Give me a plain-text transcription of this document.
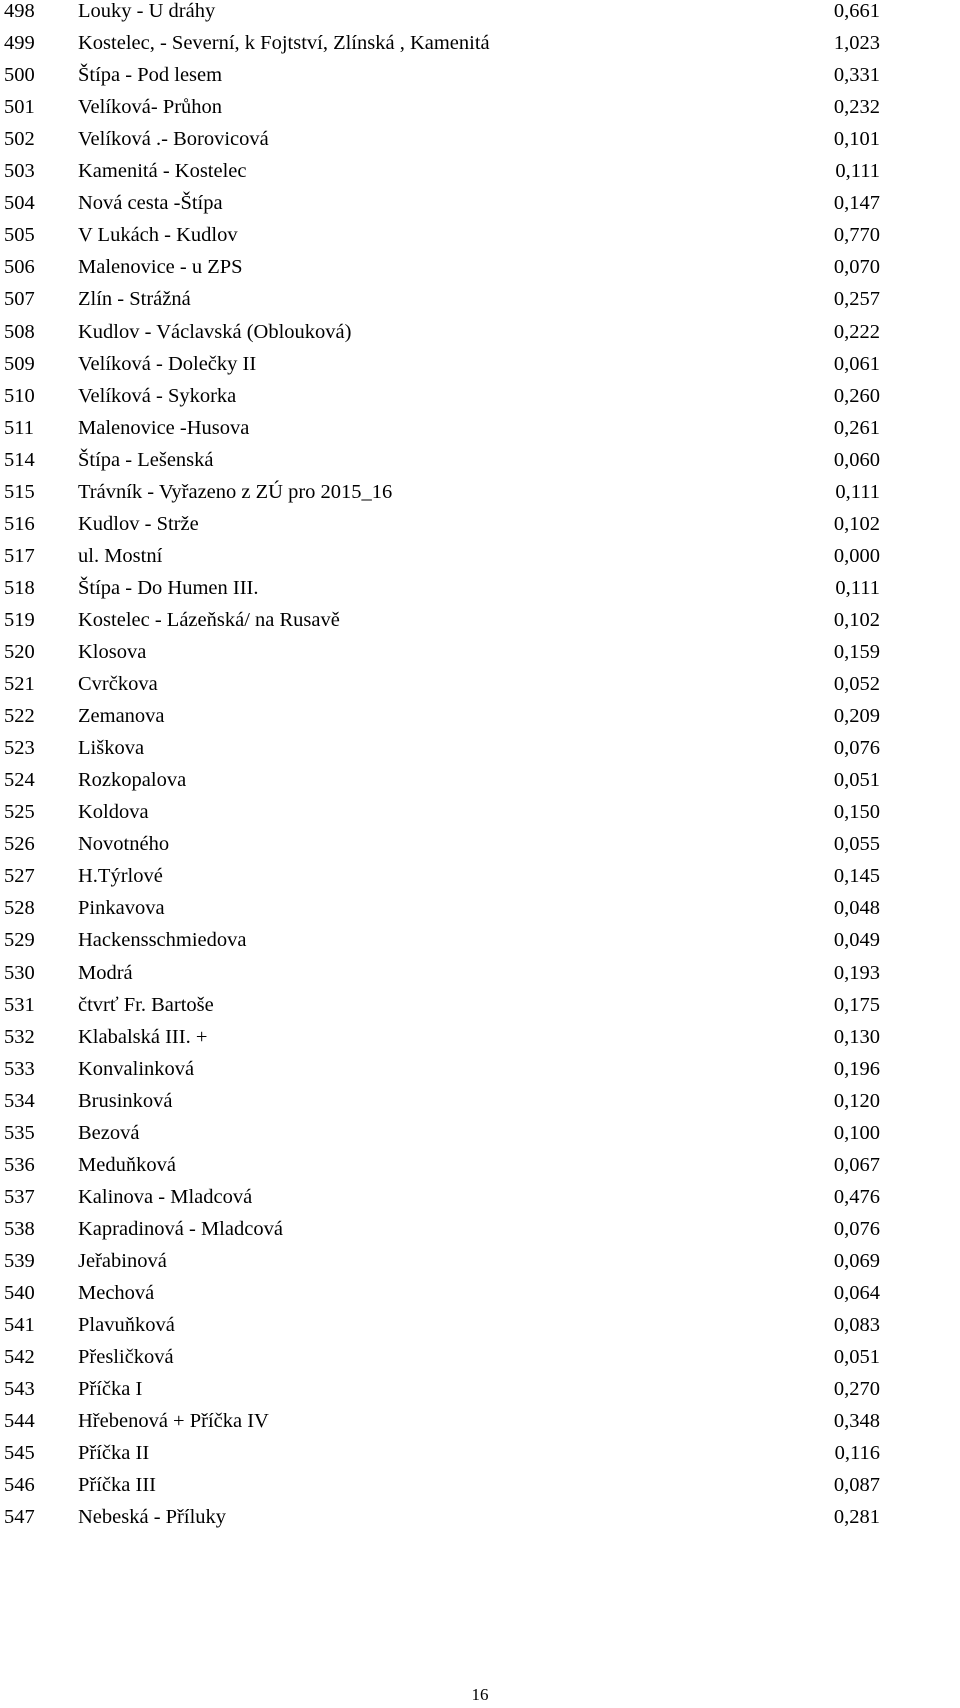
498 Louky - U dráhy	0,661
499 Kostelec, - Severní, k Fojtství, Zlínská , Kamenitá	1,023
500 Štípa - Pod lesem	0,331
501 Velíková- Průhon	0,232
502 Velíková .- Borovicová	0,101
503 Kamenitá - Kostelec	0,111
504 Nová cesta -Štípa	0,147
505 V Lukách - Kudlov	0,770
506 Malenovice - u ZPS	0,070
507 Zlín - Strážná	0,257
508 Kudlov - Václavská (Oblouková)	0,222
509 Velíková - Dolečky II	0,061
510 Velíková - Sykorka	0,260
511 Malenovice -Husova	0,261
514 Štípa - Lešenská	0,060
515 Trávník - Vyřazeno z ZÚ pro 2015_16	0,111
516 Kudlov - Strže	0,102
517 ul. Mostní	0,000
518 Štípa - Do Humen III.	0,111
519 Kostelec - Lázeňská/ na Rusavě	0,102
520 Klosova	0,159
521 Cvrčkova	0,052
522 Zemanova	0,209
523 Liškova	0,076
524 Rozkopalova	0,051
525 Koldova	0,150
526 Novotného	0,055
527 H.Týrlové	0,145
528 Pinkavova	0,048
529 Hackensschmiedova	0,049
530 Modrá	0,193
531 čtvrť Fr. Bartoše	0,175
532 Klabalská III. +	0,130
533 Konvalinková	0,196
534 Brusinková	0,120
535 Bezová	0,100
536 Meduňková	0,067
537 Kalinova - Mladcová	0,476
538 Kapradinová - Mladcová	0,076
539 Jeřabinová	0,069
540 Mechová	0,064
541 Plavuňková	0,083
542 Přesličková	0,051
543 Příčka I	0,270
544 Hřebenová + Příčka IV	0,348
545 Příčka II	0,116
546 Příčka III	0,087
547 Nebeská - Příluky	0,281
16
